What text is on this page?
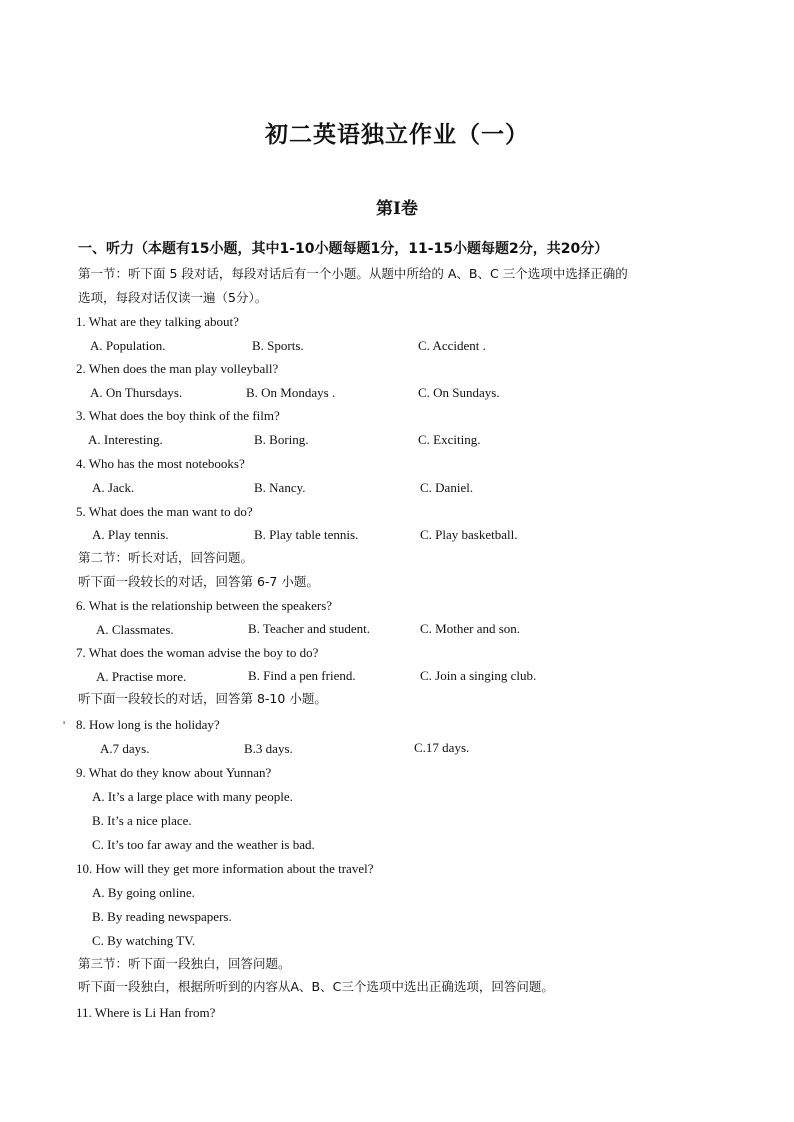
初二英语独立作业（一）
第Ⅰ卷
一、听力（本题有15小题，其中1-10小题每题1分，11-15小题每题2分，共20分）
第一节：听下面 5 段对话，每段对话后有一个小题。从题中所给的 A、B、C 三个选项中选择正确的
选项，每段对话仅读一遍（5分）。
1. What are they talking about?
A. Population.	B. Sports.	C. Accident .
2. When does the man play volleyball?
A. On Thursdays.	B. On Mondays .	C. On Sundays.
3. What does the boy think of the film?
A. Interesting.	B. Boring.	C. Exciting.
4. Who has the most notebooks?
A. Jack.	B. Nancy.	C. Daniel.
5. What does the man want to do?
A. Play tennis.	B. Play table tennis.	C. Play basketball.
第二节：听长对话，回答问题。
听下面一段较长的对话，回答第 6-7 小题。
6. What is the relationship between the speakers?
A. Classmates.	B. Teacher and student.	C. Mother and son.
7. What does the woman advise the boy to do?
A. Practise more.	B. Find a pen friend.	C. Join a singing club.
听下面一段较长的对话，回答第 8-10 小题。
' 8. How long is the holiday?
A.7 days.	B.3 days.	C.17 days.
9. What do they know about Yunnan?
A. It’s a large place with many people.
B. It’s a nice place.
C. It’s too far away and the weather is bad.
10. How will they get more information about the travel?
A. By going online.
B. By reading newspapers.
C. By watching TV.
第三节：听下面一段独白，回答问题。
听下面一段独白，根据所听到的内容从A、B、C三个选项中选出正确选项，回答问题。
11. Where is Li Han from?
